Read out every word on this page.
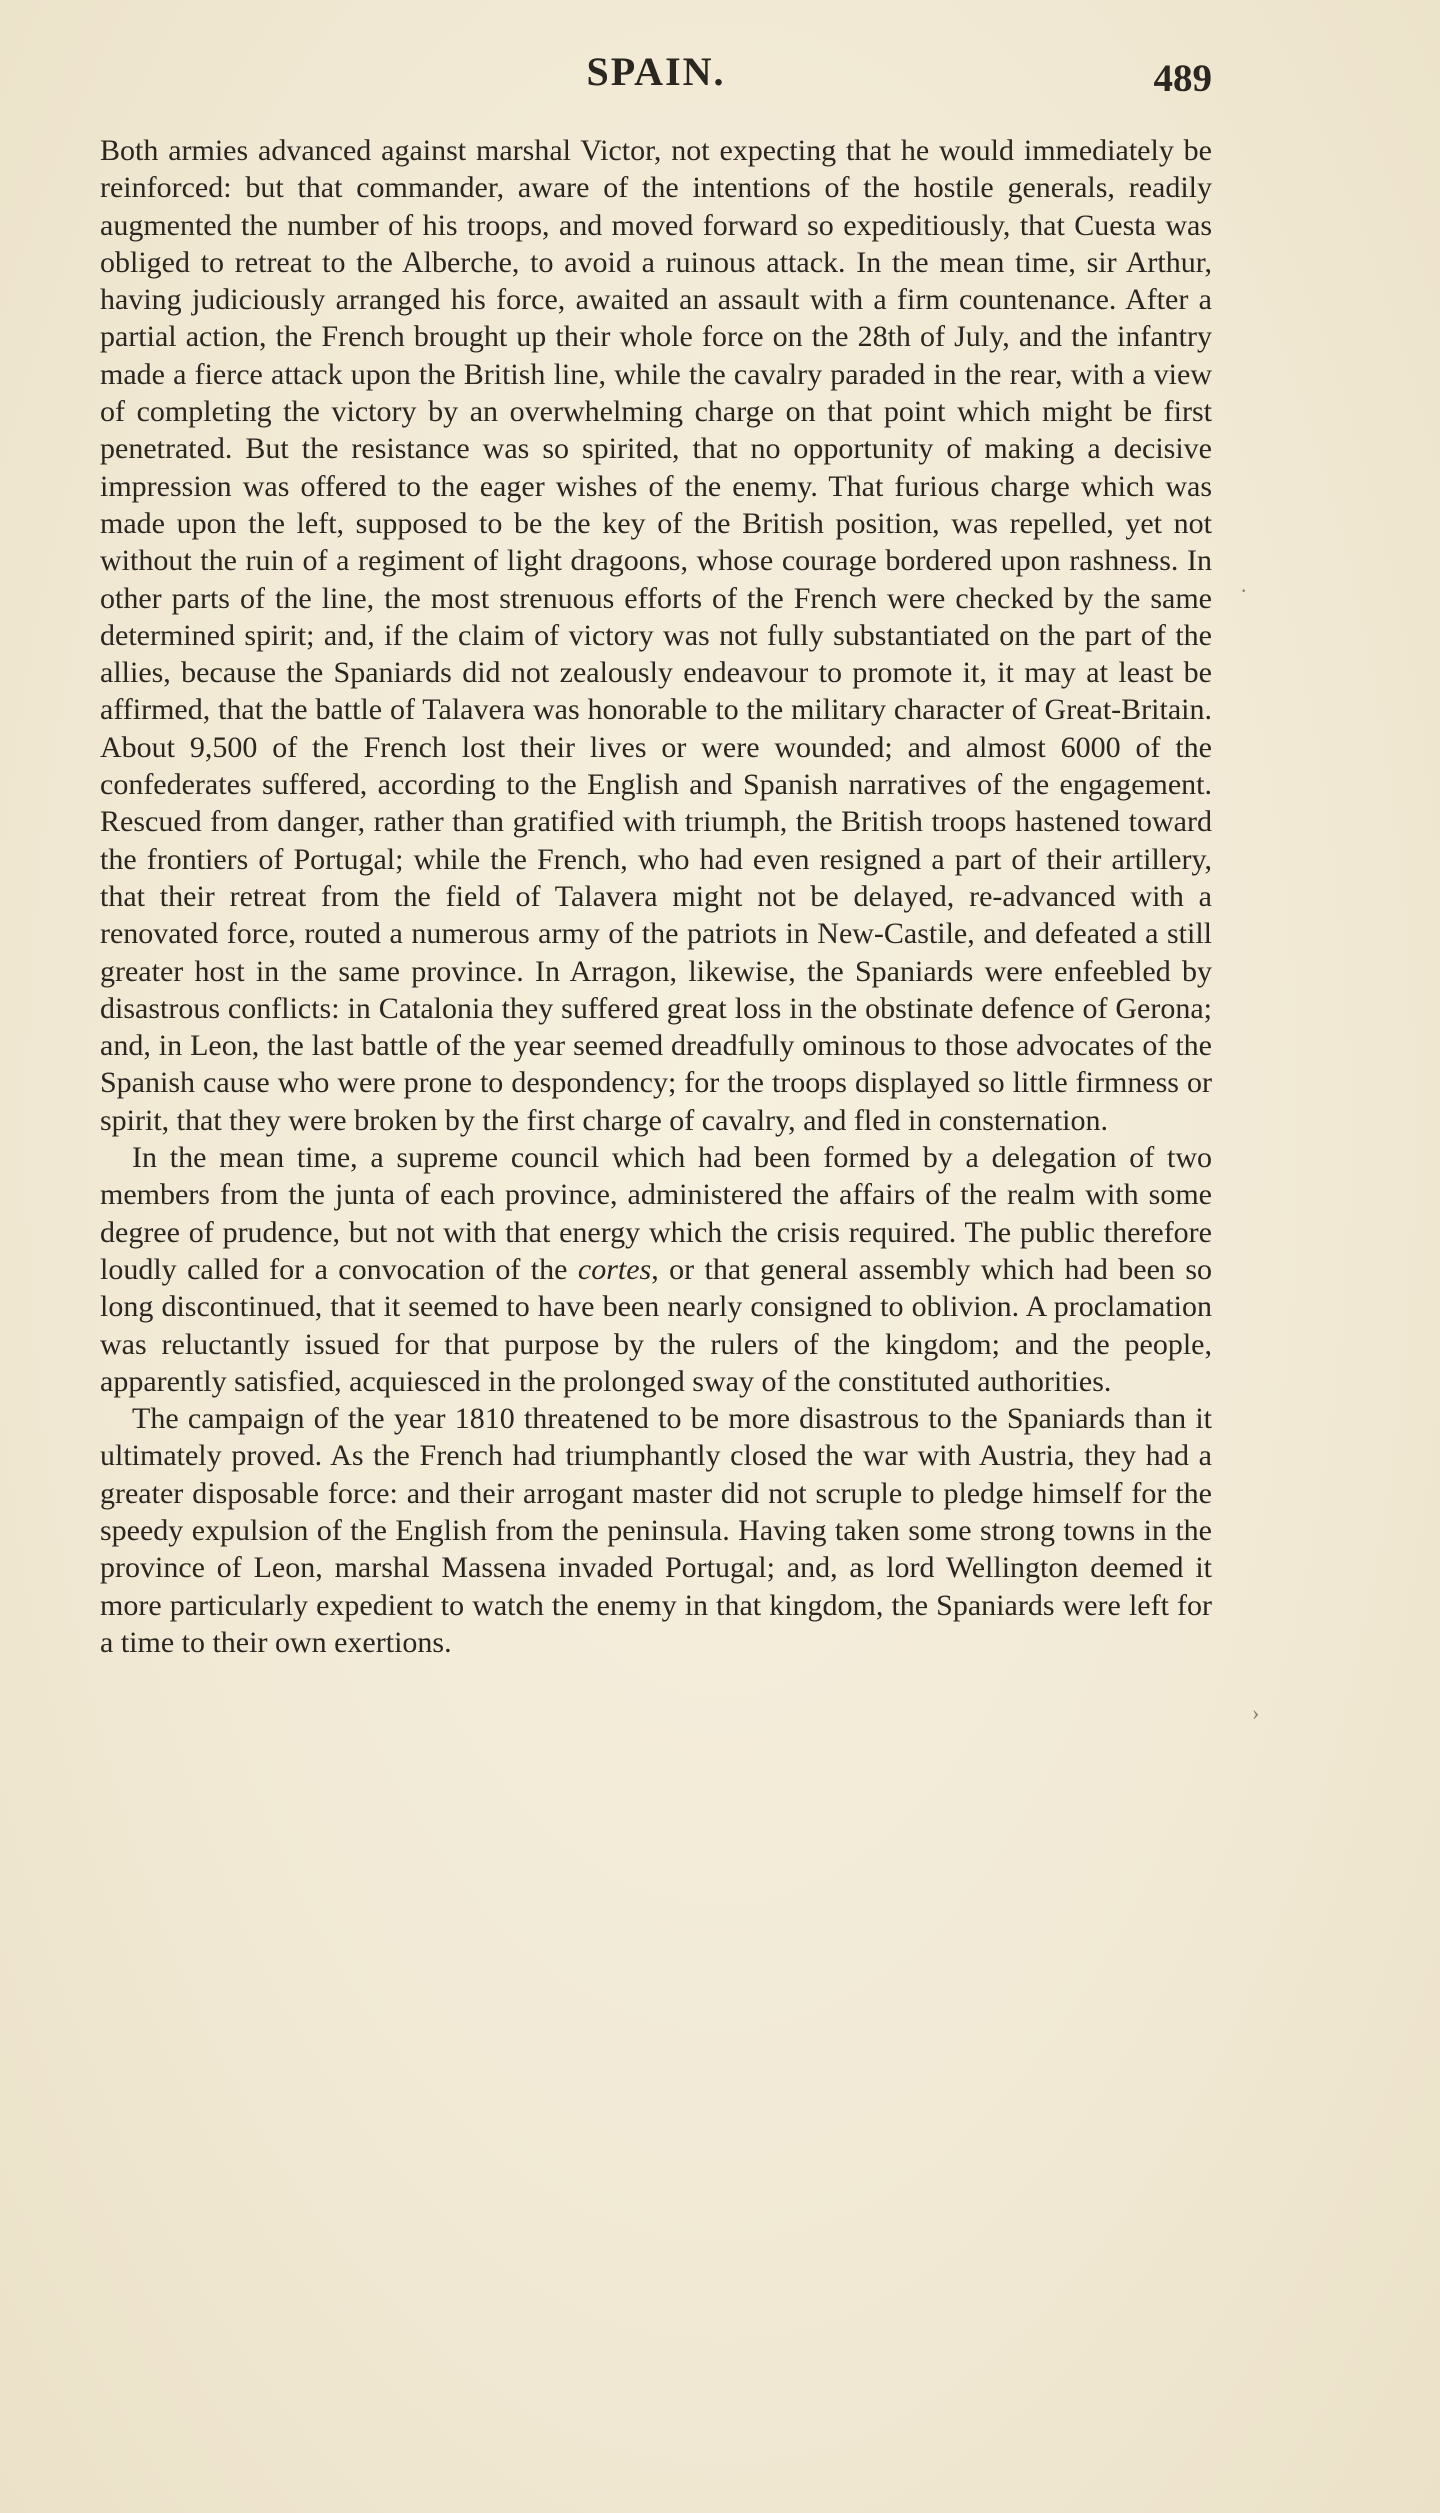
SPAIN.	489

Both armies advanced against marshal Victor, not expecting that he would immediately be reinforced: but that commander, aware of the intentions of the hostile generals, readily augmented the number of his troops, and moved forward so expeditiously, that Cuesta was obliged to retreat to the Alberche, to avoid a ruinous attack. In the mean time, sir Arthur, having judiciously arranged his force, awaited an assault with a firm countenance. After a partial action, the French brought up their whole force on the 28th of July, and the infantry made a fierce attack upon the British line, while the cavalry paraded in the rear, with a view of completing the victory by an overwhelming charge on that point which might be first penetrated. But the resistance was so spirited, that no opportunity of making a decisive impression was offered to the eager wishes of the enemy. That furious charge which was made upon the left, supposed to be the key of the British position, was repelled, yet not without the ruin of a regiment of light dragoons, whose courage bordered upon rashness. In other parts of the line, the most strenuous efforts of the French were checked by the same determined spirit; and, if the claim of victory was not fully substantiated on the part of the allies, because the Spaniards did not zealously endeavour to promote it, it may at least be affirmed, that the battle of Talavera was honorable to the military character of Great-Britain. About 9,500 of the French lost their lives or were wounded; and almost 6000 of the confederates suffered, according to the English and Spanish narratives of the engagement. Rescued from danger, rather than gratified with triumph, the British troops hastened toward the frontiers of Portugal; while the French, who had even resigned a part of their artillery, that their retreat from the field of Talavera might not be delayed, re-advanced with a renovated force, routed a numerous army of the patriots in New-Castile, and defeated a still greater host in the same province. In Arragon, likewise, the Spaniards were enfeebled by disastrous conflicts: in Catalonia they suffered great loss in the obstinate defence of Gerona; and, in Leon, the last battle of the year seemed dreadfully ominous to those advocates of the Spanish cause who were prone to despondency; for the troops displayed so little firmness or spirit, that they were broken by the first charge of cavalry, and fled in consternation.

In the mean time, a supreme council which had been formed by a delegation of two members from the junta of each province, administered the affairs of the realm with some degree of prudence, but not with that energy which the crisis required. The public therefore loudly called for a convocation of the cortes, or that general assembly which had been so long discontinued, that it seemed to have been nearly consigned to oblivion. A proclamation was reluctantly issued for that purpose by the rulers of the kingdom; and the people, apparently satisfied, acquiesced in the prolonged sway of the constituted authorities.

The campaign of the year 1810 threatened to be more disastrous to the Spaniards than it ultimately proved. As the French had triumphantly closed the war with Austria, they had a greater disposable force: and their arrogant master did not scruple to pledge himself for the speedy expulsion of the English from the peninsula. Having taken some strong towns in the province of Leon, marshal Massena invaded Portugal; and, as lord Wellington deemed it more particularly expedient to watch the enemy in that kingdom, the Spaniards were left for a time to their own exertions.

·
›
